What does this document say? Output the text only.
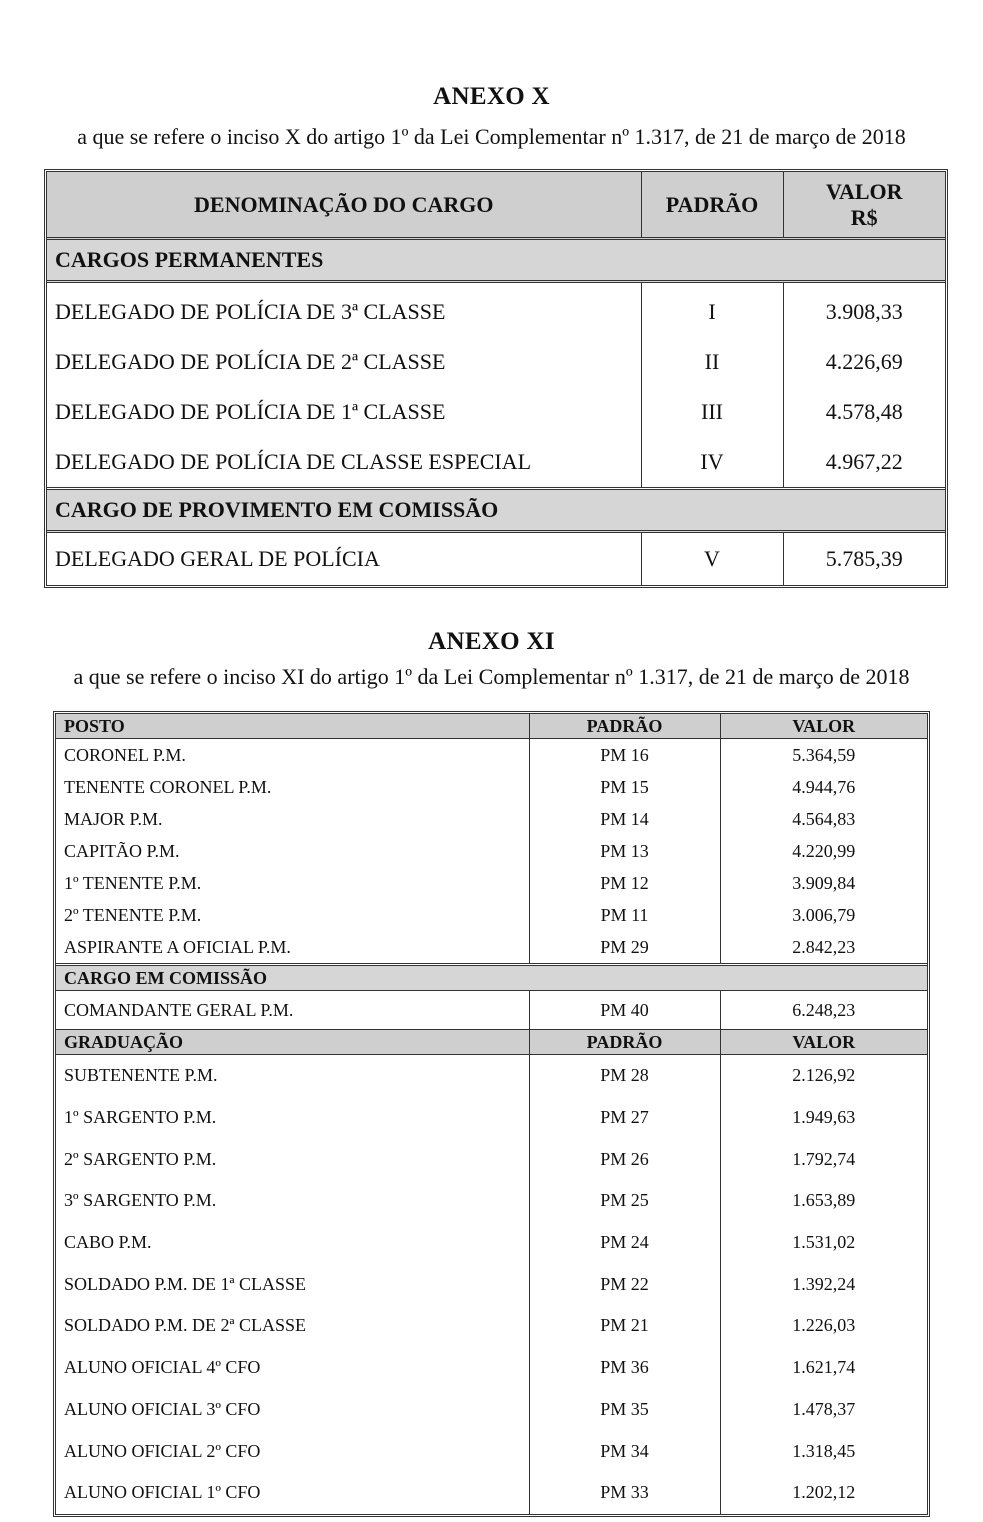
ANEXO X
a que se refere o inciso X do artigo 1º da Lei Complementar nº 1.317, de 21 de março de 2018
DENOMINAÇÃO DO CARGO	PADRÃO	VALOR
R$
CARGOS PERMANENTES		
DELEGADO DE POLÍCIA DE 3ª CLASSE	I	3.908,33
DELEGADO DE POLÍCIA DE 2ª CLASSE	II	4.226,69
DELEGADO DE POLÍCIA DE 1ª CLASSE	III	4.578,48
DELEGADO DE POLÍCIA DE CLASSE ESPECIAL	IV	4.967,22
CARGO DE PROVIMENTO EM COMISSÃO		
DELEGADO GERAL DE POLÍCIA	V	5.785,39
ANEXO XI
a que se refere o inciso XI do artigo 1º da Lei Complementar nº 1.317, de 21 de março de 2018
POSTO	PADRÃO	VALOR
CORONEL P.M.	PM 16	5.364,59
TENENTE CORONEL P.M.	PM 15	4.944,76
MAJOR P.M.	PM 14	4.564,83
CAPITÃO P.M.	PM 13	4.220,99
1º TENENTE P.M.	PM 12	3.909,84
2º TENENTE P.M.	PM 11	3.006,79
ASPIRANTE A OFICIAL P.M.	PM 29	2.842,23
CARGO EM COMISSÃO		
COMANDANTE GERAL P.M.	PM 40	6.248,23
GRADUAÇÃO	PADRÃO	VALOR
SUBTENENTE P.M.	PM 28	2.126,92
1º SARGENTO P.M.	PM 27	1.949,63
2º SARGENTO P.M.	PM 26	1.792,74
3º SARGENTO P.M.	PM 25	1.653,89
CABO P.M.	PM 24	1.531,02
SOLDADO P.M. DE 1ª CLASSE	PM 22	1.392,24
SOLDADO P.M. DE 2ª CLASSE	PM 21	1.226,03
ALUNO OFICIAL 4º CFO	PM 36	1.621,74
ALUNO OFICIAL 3º CFO	PM 35	1.478,37
ALUNO OFICIAL 2º CFO	PM 34	1.318,45
ALUNO OFICIAL 1º CFO	PM 33	1.202,12
